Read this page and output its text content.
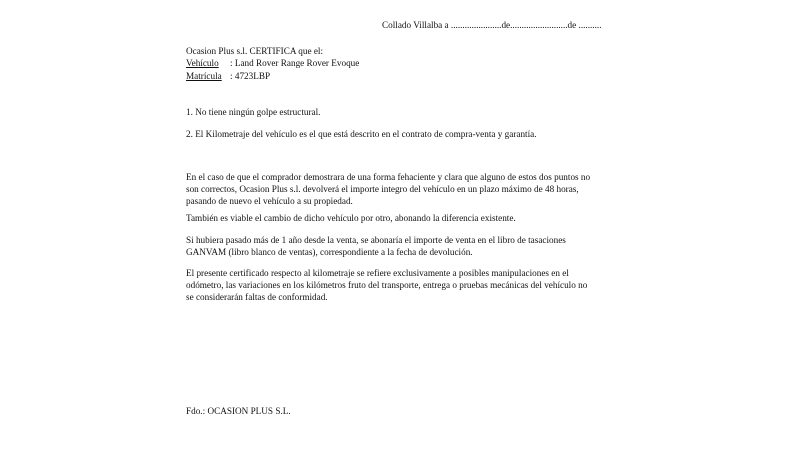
Collado Villalba a ......................de.........................de ..........
Ocasion Plus s.l. CERTIFICA que el:
Vehículo : Land Rover Range Rover Evoque
Matrícula : 4723LBP
1. No tiene ningún golpe estructural.
2. El Kilometraje del vehículo es el que está descrito en el contrato de compra-venta y garantía.
En el caso de que el comprador demostrara de una forma fehaciente y clara que alguno de estos dos puntos no
son correctos, Ocasion Plus s.l. devolverá el importe integro del vehículo en un plazo máximo de 48 horas,
pasando de nuevo el vehículo a su propiedad.
También es viable el cambio de dicho vehículo por otro, abonando la diferencia existente.
Si hubiera pasado más de 1 año desde la venta, se abonaría el importe de venta en el libro de tasaciones
GANVAM (libro blanco de ventas), correspondiente a la fecha de devolución.
El presente certificado respecto al kilometraje se refiere exclusivamente a posibles manipulaciones en el
odómetro, las variaciones en los kilómetros fruto del transporte, entrega o pruebas mecánicas del vehículo no
se considerarán faltas de conformidad.
Fdo.: OCASION PLUS S.L.
